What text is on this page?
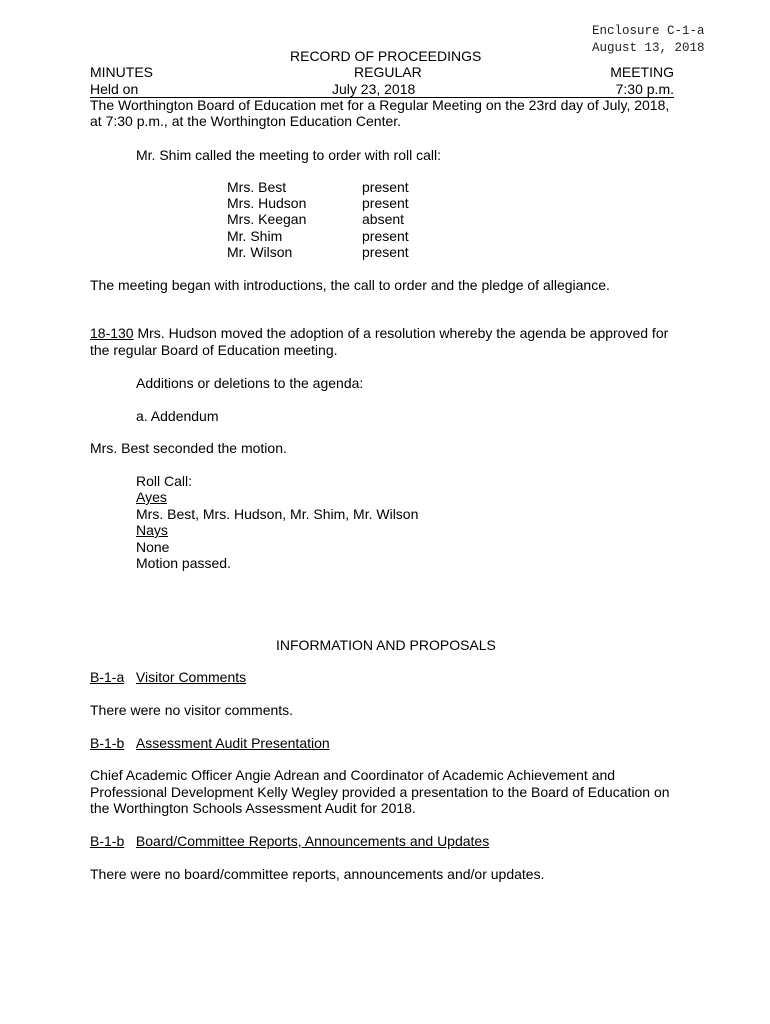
Enclosure C-1-a
August 13, 2018
RECORD OF PROCEEDINGS
MINUTES	REGULAR	MEETING
Held on	July 23, 2018	7:30 p.m.
The Worthington Board of Education met for a Regular Meeting on the 23rd day of July, 2018,
at 7:30 p.m., at the Worthington Education Center.
Mr. Shim called the meeting to order with roll call:
Mrs. Best	present
Mrs. Hudson	present
Mrs. Keegan	absent
Mr. Shim	present
Mr. Wilson	present
The meeting began with introductions, the call to order and the pledge of allegiance.
18-130 Mrs. Hudson moved the adoption of a resolution whereby the agenda be approved for
the regular Board of Education meeting.
Additions or deletions to the agenda:
a. Addendum
Mrs. Best seconded the motion.
Roll Call:
Ayes
Mrs. Best, Mrs. Hudson, Mr. Shim, Mr. Wilson
Nays
None
Motion passed.
INFORMATION AND PROPOSALS
B-1-a Visitor Comments
There were no visitor comments.
B-1-b Assessment Audit Presentation
Chief Academic Officer Angie Adrean and Coordinator of Academic Achievement and
Professional Development Kelly Wegley provided a presentation to the Board of Education on
the Worthington Schools Assessment Audit for 2018.
B-1-b Board/Committee Reports, Announcements and Updates
There were no board/committee reports, announcements and/or updates.
